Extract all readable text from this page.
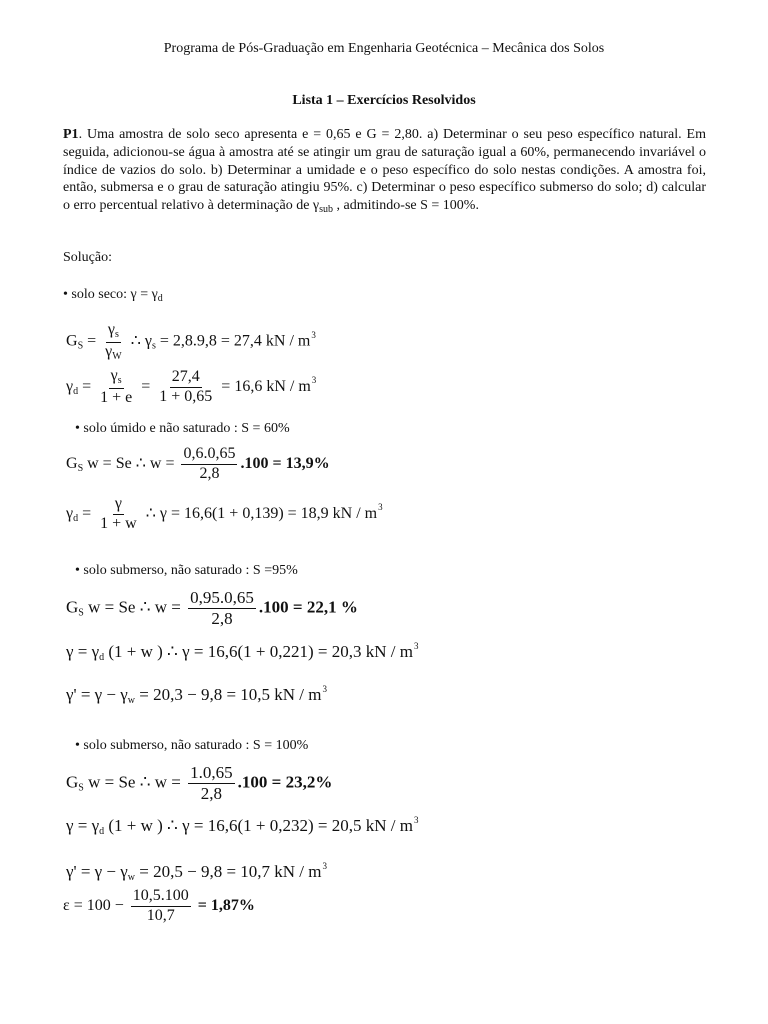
Programa de Pós-Graduação em Engenharia Geotécnica – Mecânica dos Solos
Lista 1 – Exercícios Resolvidos
P1. Uma amostra de solo seco apresenta e = 0,65 e G = 2,80. a) Determinar o seu peso específico natural. Em seguida, adicionou-se água à amostra até se atingir um grau de saturação igual a 60%, permanecendo invariável o índice de vazios do solo. b) Determinar a umidade e o peso específico do solo nestas condições. A amostra foi, então, submersa e o grau de saturação atingiu 95%. c) Determinar o peso específico submerso do solo; d) calcular o erro percentual relativo à determinação de $\gamma_{sub}$ , admitindo-se S = 100%.
Solução:
• solo seco: $\gamma = \gamma_d$
$G_S = \frac{\gamma_s}{\gamma_W}$ ∴ $\gamma_s = 2,8.9,8 = 27,4$ kN / $m^3$
$\gamma_d = \frac{\gamma_s}{1 + e} = \frac{27,4}{1 + 0,65} = 16,6$ kN / $m^3$
• solo úmido e não saturado : S = 60%
$G_S$ w = Se ∴ $w = \frac{0,6.0,65}{2,8} .100 = 13,9\%$
$\gamma_d = \frac{\gamma}{1 + w}$ ∴ γ = 16,6(1 + 0,139) = 18,9 kN / $m^3$
• solo submerso, não saturado : S =95%
$G_S$ w = Se ∴ $w = \frac{0,95.0,65}{2,8} .100 = 22,1$ %
$\gamma = \gamma_d$ (1 + w ) ∴ γ = 16,6(1 + 0,221) = 20,3 kN / $m^3$
$\gamma' = \gamma - \gamma_w = 20,3 - 9,8 = 10,5$ kN / $m^3$
• solo submerso, não saturado : S = 100%
$G_S$ w = Se ∴ $w = \frac{1.0,65}{2,8} .100 = 23,2\%$
$\gamma = \gamma_d$ (1 + w ) ∴ γ = 16,6(1 + 0,232) = 20,5 kN / $m^3$
$\gamma' = \gamma - \gamma_w = 20,5 - 9,8 = 10,7$ kN / $m^3$
$\varepsilon = 100 - \frac{10,5.100}{10,7} = 1,87\%$
